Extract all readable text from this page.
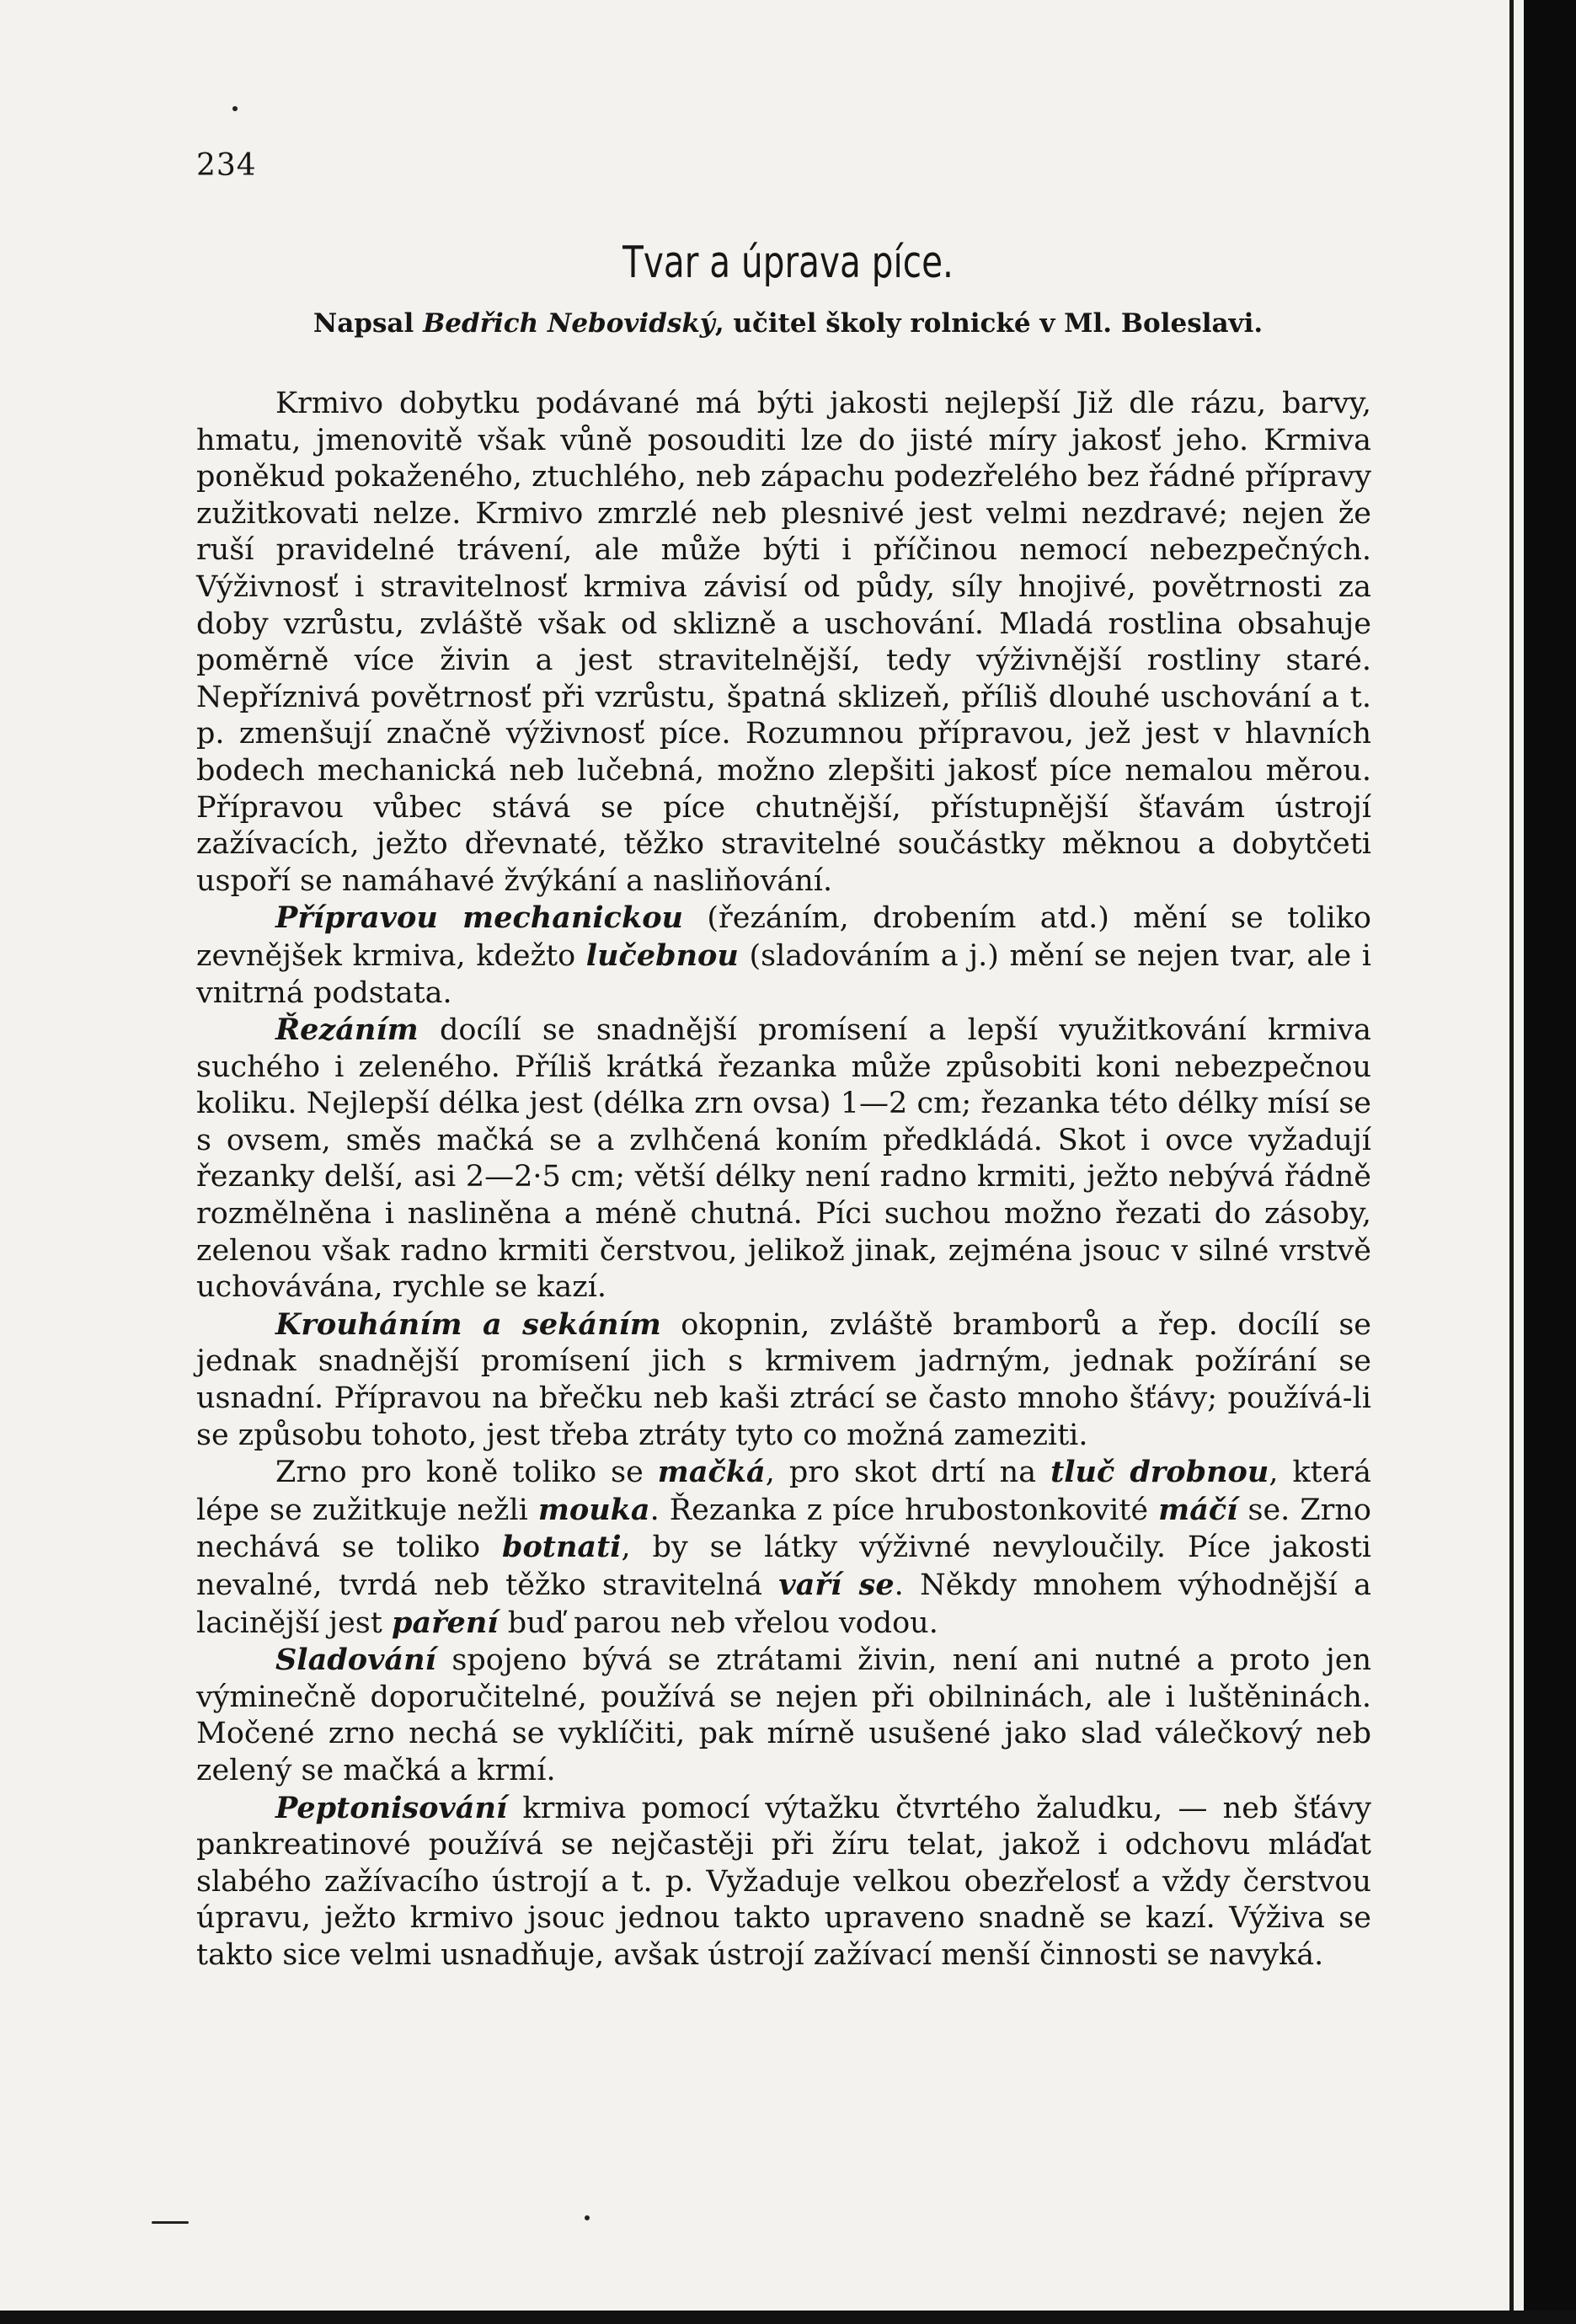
234
Tvar a úprava píce.
Napsal Bedřich Nebovidský, učitel školy rolnické v Ml. Boleslavi.

Krmivo dobytku podávané má býti jakosti nejlepší Již dle rázu, barvy, hmatu, jmenovitě však vůně posouditi lze do jisté míry jakosť jeho. Krmiva poněkud pokaženého, ztuchlého, neb zápachu podezřelého bez řádné přípravy zužitkovati nelze. Krmivo zmrzlé neb plesnivé jest velmi nezdravé; nejen že ruší pravidelné trávení, ale může býti i příčinou nemocí nebezpečných. Výživnosť i stravitelnosť krmiva závisí od půdy, síly hnojivé, povětrnosti za doby vzrůstu, zvláště však od sklizně a uschování. Mladá rostlina obsahuje poměrně více živin a jest stravitelnější, tedy výživnější rostliny staré. Nepříznivá povětrnosť při vzrůstu, špatná sklizeň, příliš dlouhé uschování a t. p. zmenšují značně výživnosť píce. Rozumnou přípravou, jež jest v hlavních bodech mechanická neb lučebná, možno zlepšiti jakosť píce nemalou měrou. Přípravou vůbec stává se píce chutnější, přístupnější šťavám ústrojí zažívacích, ježto dřevnaté, těžko stravitelné součástky měknou a dobytčeti uspoří se namáhavé žvýkání a nasliňování.

Přípravou mechanickou (řezáním, drobením atd.) mění se toliko zevnějšek krmiva, kdežto lučebnou (sladováním a j.) mění se nejen tvar, ale i vnitrná podstata.

Řezáním docílí se snadnější promísení a lepší využitkování krmiva suchého i zeleného. Příliš krátká řezanka může způsobiti koni nebezpečnou koliku. Nejlepší délka jest (délka zrn ovsa) 1—2 cm; řezanka této délky mísí se s ovsem, směs mačká se a zvlhčená koním předkládá. Skot i ovce vyžadují řezanky delší, asi 2—2·5 cm; větší délky není radno krmiti, ježto nebývá řádně rozmělněna i nasliněna a méně chutná. Píci suchou možno řezati do zásoby, zelenou však radno krmiti čerstvou, jelikož jinak, zejména jsouc v silné vrstvě uchovávána, rychle se kazí.

Krouháním a sekáním okopnin, zvláště bramborů a řep. docílí se jednak snadnější promísení jich s krmivem jadrným, jednak požírání se usnadní. Přípravou na břečku neb kaši ztrácí se často mnoho šťávy; používá-li se způsobu tohoto, jest třeba ztráty tyto co možná zameziti.

Zrno pro koně toliko se mačká, pro skot drtí na tluč drobnou, která lépe se zužitkuje nežli mouka. Řezanka z píce hrubostonkovité máčí se. Zrno nechává se toliko botnati, by se látky výživné nevyloučily. Píce jakosti nevalné, tvrdá neb těžko stravitelná vaří se. Někdy mnohem výhodnější a lacinější jest paření buď parou neb vřelou vodou.

Sladování spojeno bývá se ztrátami živin, není ani nutné a proto jen výminečně doporučitelné, používá se nejen při obilninách, ale i luštěninách. Močené zrno nechá se vyklíčiti, pak mírně usušené jako slad válečkový neb zelený se mačká a krmí.

Peptonisování krmiva pomocí výtažku čtvrtého žaludku, — neb šťávy pankreatinové používá se nejčastěji při žíru telat, jakož i odchovu mláďat slabého zažívacího ústrojí a t. p. Vyžaduje velkou obezřelosť a vždy čerstvou úpravu, ježto krmivo jsouc jednou takto upraveno snadně se kazí. Výživa se takto sice velmi usnadňuje, avšak ústrojí zažívací menší činnosti se navyká.
